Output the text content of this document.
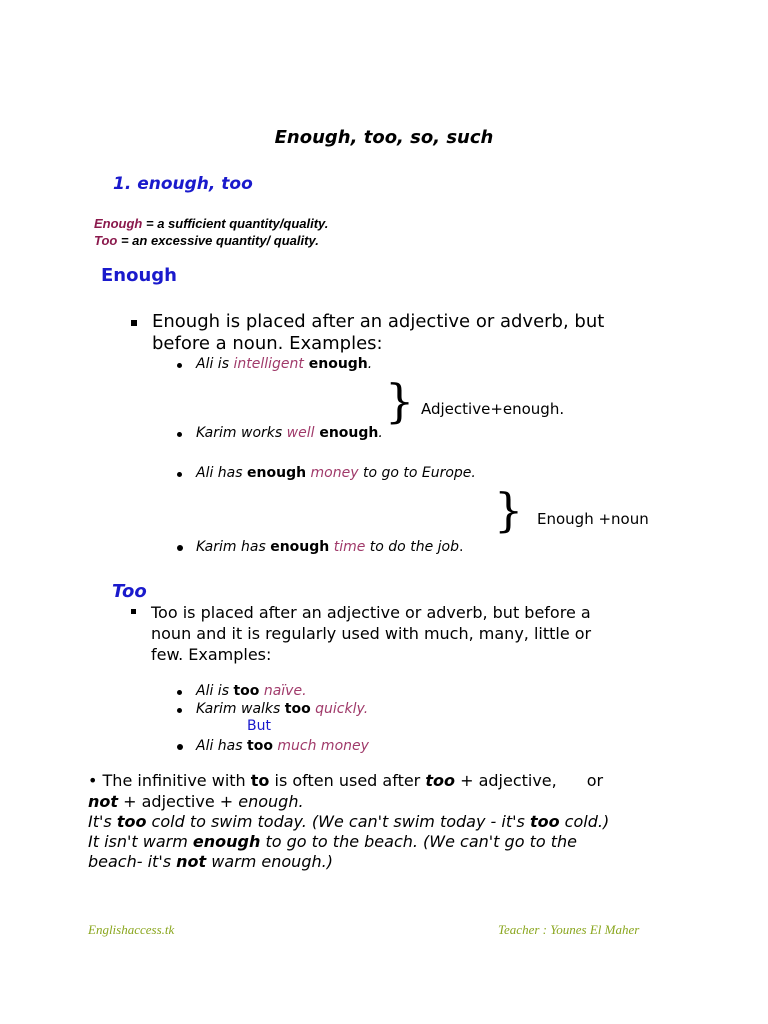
Enough, too, so, such
1. enough, too
Enough = a sufficient quantity/quality.
Too = an excessive quantity/ quality.
Enough
Enough is placed after an adjective or adverb, but
before a noun. Examples:
Ali is intelligent enough.
} Adjective+enough.
Karim works well enough.
Ali has enough money to go to Europe.
} Enough +noun
Karim has enough time to do the job.
Too
Too is placed after an adjective or adverb, but before a
noun and it is regularly used with much, many, little or
few. Examples:
Ali is too naïve.
Karim walks too quickly.
But
Ali has too much money
• The infinitive with to is often used after too + adjective, or
not + adjective + enough.
It's too cold to swim today. (We can't swim today - it's too cold.)
It isn't warm enough to go to the beach. (We can't go to the
beach- it's not warm enough.)
Englishaccess.tk	Teacher : Younes El Maher
